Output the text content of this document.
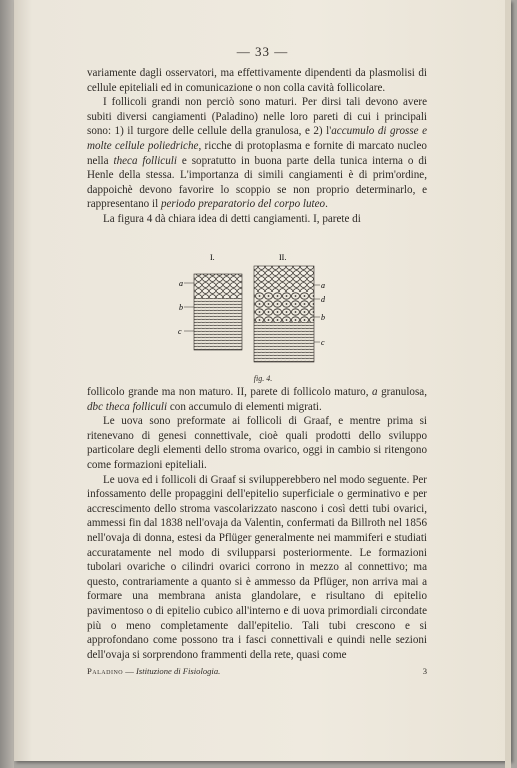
— 33 —

variamente dagli osservatori, ma effettivamente dipendenti da plasmolisi di cellule epiteliali ed in comunicazione o non colla cavità follicolare.

I follicoli grandi non perciò sono maturi. Per dirsi tali devono avere subiti diversi cangiamenti (Paladino) nelle loro pareti di cui i principali sono: 1) il turgore delle cellule della granulosa, e 2) l'accumulo di grosse e molte cellule poliedriche, ricche di protoplasma e fornite di marcato nucleo nella theca folliculi e sopratutto in buona parte della tunica interna o di Henle della stessa. L'importanza di simili cangiamenti è di prim'ordine, dappoichè devono favorire lo scoppio se non proprio determinarlo, e rappresentano il periodo preparatorio del corpo luteo.

La figura 4 dà chiara idea di detti cangiamenti. I, parete di

I.
a
b
c
II.
a
d
b
c
fig. 4.

follicolo grande ma non maturo. II, parete di follicolo maturo, a granulosa, dbc theca folliculi con accumulo di elementi migrati.

Le uova sono preformate ai follicoli di Graaf, e mentre prima si ritenevano di genesi connettivale, cioè quali prodotti dello sviluppo particolare degli elementi dello stroma ovarico, oggi in cambio si ritengono come formazioni epiteliali.

Le uova ed i follicoli di Graaf si svilupperebbero nel modo seguente. Per infossamento delle propaggini dell'epitelio superficiale o germinativo e per accrescimento dello stroma vascolarizzato nascono i così detti tubi ovarici, ammessi fin dal 1838 nell'ovaja da Valentin, confermati da Billroth nel 1856 nell'ovaja di donna, estesi da Pflüger generalmente nei mammiferi e studiati accuratamente nel modo di svilupparsi posteriormente. Le formazioni tubolari ovariche o cilindri ovarici corrono in mezzo al connettivo; ma questo, contrariamente a quanto si è ammesso da Pflüger, non arriva mai a formare una membrana anista glandolare, e risultano di epitelio pavimentoso o di epitelio cubico all'interno e di uova primordiali circondate più o meno completamente dall'epitelio. Tali tubi crescono e si approfondano come possono tra i fasci connettivali e quindi nelle sezioni dell'ovaja si sorprendono frammenti della rete, quasi come

Paladino — Istituzione di Fisiologia.	3
